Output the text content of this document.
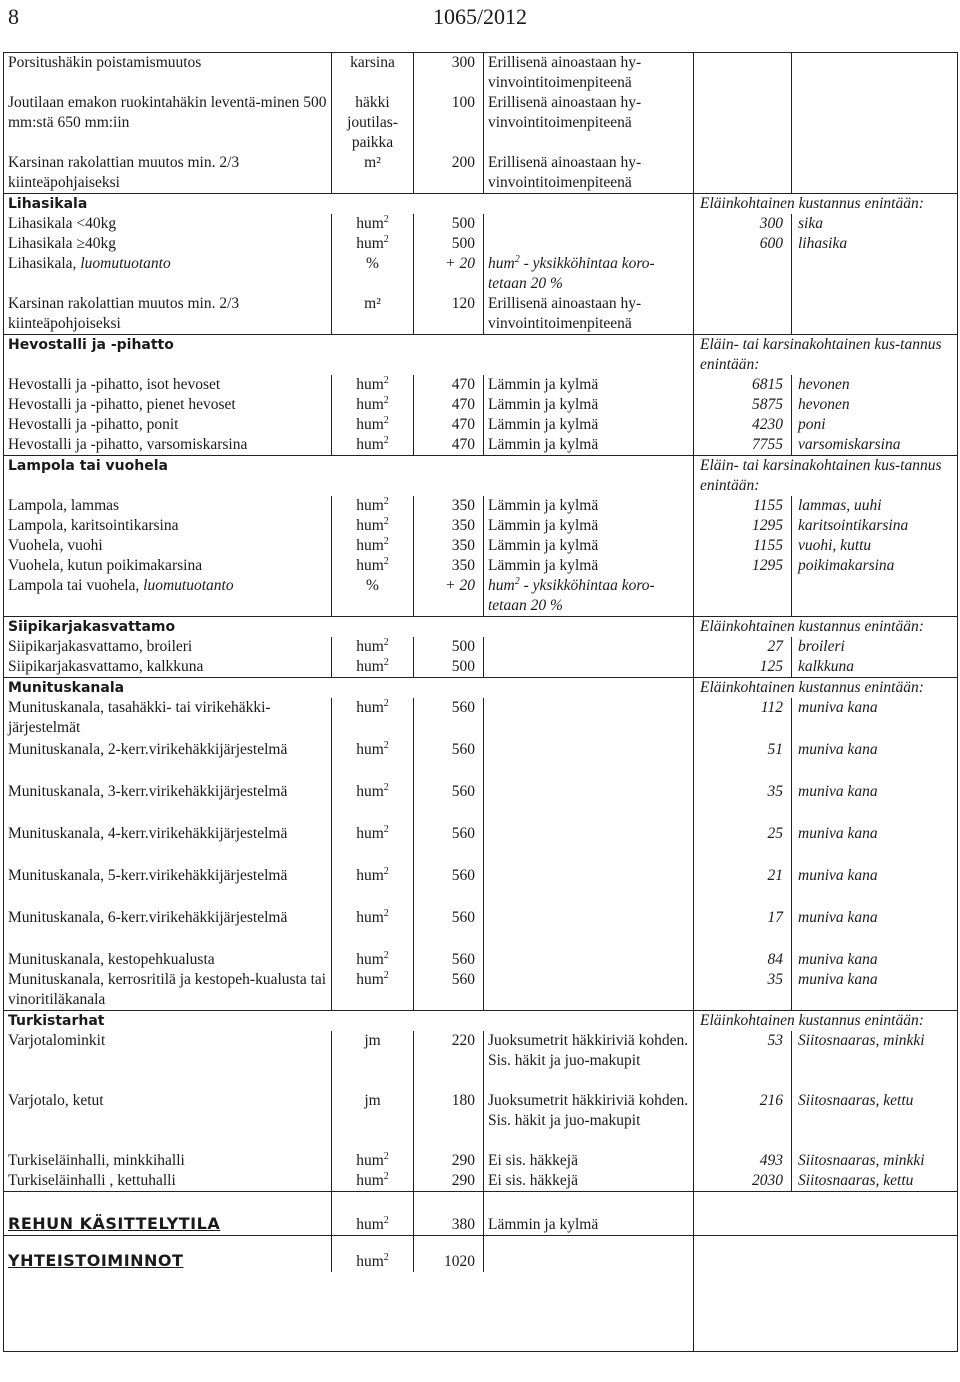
8	1065/2012
Porsitushäkin poistamismuutos	karsina	300	Erillisenä ainoastaan hy-vinvointitoimenpiteenä		
Joutilaan emakon ruokintahäkin leventä-minen 500 mm:stä 650 mm:iin	häkki joutilas-paikka	100	Erillisenä ainoastaan hy-vinvointitoimenpiteenä		
Karsinan rakolattian muutos min. 2/3 kiinteäpohjaiseksi	m²	200	Erillisenä ainoastaan hy-vinvointitoimenpiteenä		
Lihasikala				Eläinkohtainen kustannus enintään:	
Lihasikala <40kg	hum$^2$	500		300	sika
Lihasikala ≥40kg	hum$^2$	500		600	lihasika
Lihasikala, luomutuotanto	%	+ 20	hum$^2$ - yksikköhintaa koro-tetaan 20 %		
Karsinan rakolattian muutos min. 2/3 kiinteäpohjoiseksi	m²	120	Erillisenä ainoastaan hy-vinvointitoimenpiteenä		
Hevostalli ja -pihatto				Eläin- tai karsinakohtainen kus-tannus enintään:	
Hevostalli ja -pihatto, isot hevoset	hum$^2$	470	Lämmin ja kylmä	6815	hevonen
Hevostalli ja -pihatto, pienet hevoset	hum$^2$	470	Lämmin ja kylmä	5875	hevonen
Hevostalli ja -pihatto, ponit	hum$^2$	470	Lämmin ja kylmä	4230	poni
Hevostalli ja -pihatto, varsomiskarsina	hum$^2$	470	Lämmin ja kylmä	7755	varsomiskarsina
Lampola tai vuohela				Eläin- tai karsinakohtainen kus-tannus enintään:	
Lampola, lammas	hum$^2$	350	Lämmin ja kylmä	1155	lammas, uuhi
Lampola, karitsointikarsina	hum$^2$	350	Lämmin ja kylmä	1295	karitsointikarsina
Vuohela, vuohi	hum$^2$	350	Lämmin ja kylmä	1155	vuohi, kuttu
Vuohela, kutun poikimakarsina	hum$^2$	350	Lämmin ja kylmä	1295	poikimakarsina
Lampola tai vuohela, luomutuotanto	%	+ 20	hum$^2$ - yksikköhintaa koro-tetaan 20 %		
Siipikarjakasvattamo				Eläinkohtainen kustannus enintään:	
Siipikarjakasvattamo, broileri	hum$^2$	500		27	broileri
Siipikarjakasvattamo, kalkkuna	hum$^2$	500		125	kalkkuna
Munituskanala				Eläinkohtainen kustannus enintään:	
Munituskanala, tasahäkki- tai virikehäkki-järjestelmät	hum$^2$	560		112	muniva kana
Munituskanala, 2-kerr.virikehäkkijärjestelmä	hum$^2$	560		51	muniva kana
Munituskanala, 3-kerr.virikehäkkijärjestelmä	hum$^2$	560		35	muniva kana
Munituskanala, 4-kerr.virikehäkkijärjestelmä	hum$^2$	560		25	muniva kana
Munituskanala, 5-kerr.virikehäkkijärjestelmä	hum$^2$	560		21	muniva kana
Munituskanala, 6-kerr.virikehäkkijärjestelmä	hum$^2$	560		17	muniva kana
Munituskanala, kestopehkualusta	hum$^2$	560		84	muniva kana
Munituskanala, kerrosritilä ja kestopeh-kualusta tai vinoritiläkanala	hum$^2$	560		35	muniva kana
Turkistarhat				Eläinkohtainen kustannus enintään:	
Varjotalominkit	jm	220	Juoksumetrit häkkiriviä kohden. Sis. häkit ja juo-makupit	53	Siitosnaaras, minkki
Varjotalo, ketut	jm	180	Juoksumetrit häkkiriviä kohden. Sis. häkit ja juo-makupit	216	Siitosnaaras, kettu
Turkiseläinhalli, minkkihalli	hum$^2$	290	Ei sis. häkkejä	493	Siitosnaaras, minkki
Turkiseläinhalli , kettuhalli	hum$^2$	290	Ei sis. häkkejä	2030	Siitosnaaras, kettu
REHUN KÄSITTELYTILA	hum$^2$	380	Lämmin ja kylmä		
YHTEISTOIMINNOT	hum$^2$	1020			
